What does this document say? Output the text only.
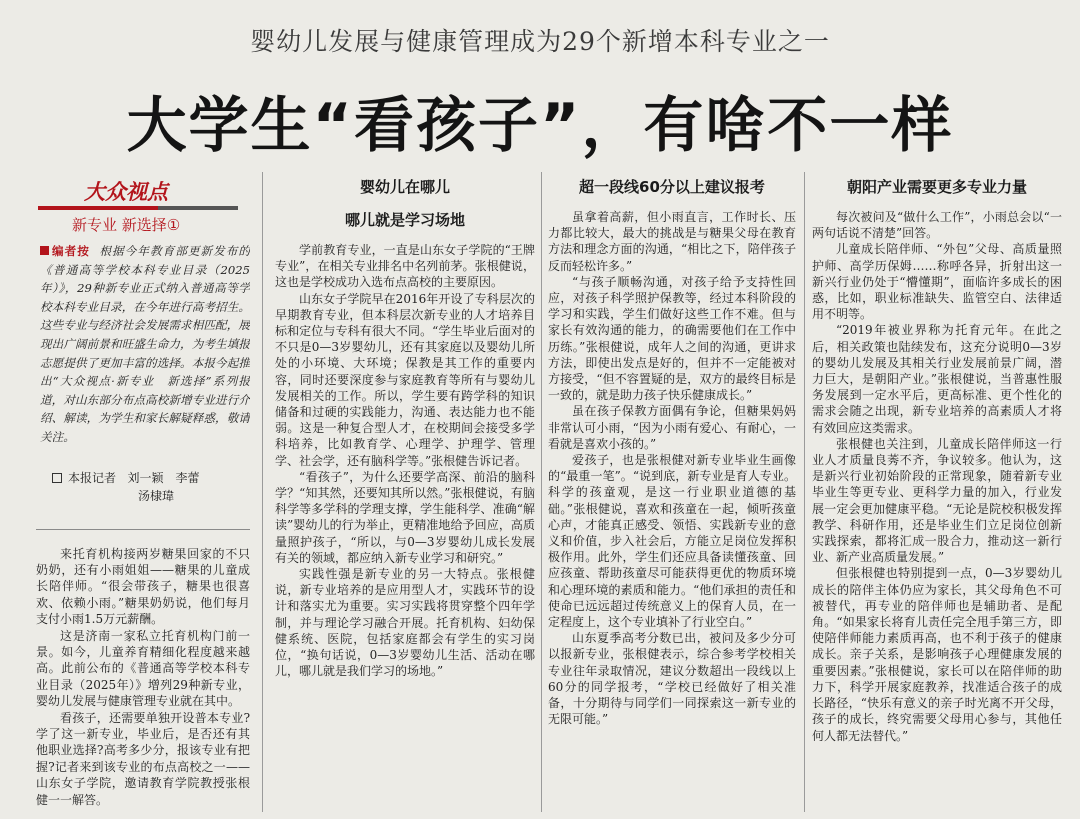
婴幼儿发展与健康管理成为29个新增本科专业之一
大学生“看孩子”，有啥不一样
大众视点
新专业 新选择①
编者按 根据今年教育部更新发布的《普通高等学校本科专业目录（2025年）》，29种新专业正式纳入普通高等学校本科专业目录，在今年进行高考招生。这些专业与经济社会发展需求相匹配，展现出广阔前景和旺盛生命力，为考生填报志愿提供了更加丰富的选择。本报今起推出“大众视点·新专业　新选择”系列报道，对山东部分布点高校新增专业进行介绍、解读，为学生和家长解疑释惑，敬请关注。
本报记者 刘一颖　李蕾
汤棣瑋

来托育机构接两岁糖果回家的不只奶奶，还有小雨姐姐——糖果的儿童成长陪伴师。“很会带孩子，糖果也很喜欢、依赖小雨。”糖果奶奶说，他们每月支付小雨1.5万元薪酬。

这是济南一家私立托育机构门前一景。如今，儿童养育精细化程度越来越高。此前公布的《普通高等学校本科专业目录（2025年）》增列29种新专业，婴幼儿发展与健康管理专业就在其中。

看孩子，还需要单独开设普本专业?学了这一新专业，毕业后，是否还有其他职业选择?高考多少分，报该专业有把握?记者来到该专业的布点高校之一——山东女子学院，邀请教育学院教授张根健一一解答。

婴幼儿在哪儿
哪儿就是学习场地

学前教育专业，一直是山东女子学院的“王牌专业”，在相关专业排名中名列前茅。张根健说，这也是学校成功入选布点高校的主要原因。

山东女子学院早在2016年开设了专科层次的早期教育专业，但本科层次新专业的人才培养目标和定位与专科有很大不同。“学生毕业后面对的不只是0—3岁婴幼儿，还有其家庭以及婴幼儿所处的小环境、大环境；保教是其工作的重要内容，同时还要深度参与家庭教育等所有与婴幼儿发展相关的工作。所以，学生要有跨学科的知识储备和过硬的实践能力，沟通、表达能力也不能弱。这是一种复合型人才，在校期间会接受多学科培养，比如教育学、心理学、护理学、管理学、社会学，还有脑科学等。”张根健告诉记者。

“看孩子”，为什么还要学高深、前沿的脑科学？“知其然，还要知其所以然。”张根健说，有脑科学等多学科的学理支撑，学生能科学、准确“解读”婴幼儿的行为举止，更精准地给予回应，高质量照护孩子，“所以，与0—3岁婴幼儿成长发展有关的领域，都应纳入新专业学习和研究。”

实践性强是新专业的另一大特点。张根健说，新专业培养的是应用型人才，实践环节的设计和落实尤为重要。实习实践将贯穿整个四年学制，并与理论学习融合开展。托育机构、妇幼保健系统、医院，包括家庭都会有学生的实习岗位，“换句话说，0—3岁婴幼儿生活、活动在哪儿，哪儿就是我们学习的场地。”

超一段线60分以上建议报考

虽拿着高薪，但小雨直言，工作时长、压力都比较大，最大的挑战是与糖果父母在教育方法和理念方面的沟通，“相比之下，陪伴孩子反而轻松许多。”

“与孩子顺畅沟通，对孩子给予支持性回应，对孩子科学照护保教等，经过本科阶段的学习和实践，学生们做好这些工作不难。但与家长有效沟通的能力，的确需要他们在工作中历练。”张根健说，成年人之间的沟通，更讲求方法，即使出发点是好的，但并不一定能被对方接受，“但不容置疑的是，双方的最终目标是一致的，就是助力孩子快乐健康成长。”

虽在孩子保教方面偶有争论，但糖果妈妈非常认可小雨，“因为小雨有爱心、有耐心，一看就是喜欢小孩的。”

爱孩子，也是张根健对新专业毕业生画像的“最重一笔”。“说到底，新专业是育人专业。科学的孩童观，是这一行业职业道德的基础。”张根健说，喜欢和孩童在一起，倾听孩童心声，才能真正感受、领悟、实践新专业的意义和价值，步入社会后，方能立足岗位发挥积极作用。此外，学生们还应具备读懂孩童、回应孩童、帮助孩童尽可能获得更优的物质环境和心理环境的素质和能力。“他们承担的责任和使命已远远超过传统意义上的保育人员，在一定程度上，这个专业填补了行业空白。”

山东夏季高考分数已出，被问及多少分可以报新专业，张根健表示，综合参考学校相关专业往年录取情况，建议分数超出一段线以上60分的同学报考，“学校已经做好了相关准备，十分期待与同学们一同探索这一新专业的无限可能。”

朝阳产业需要更多专业力量

每次被问及“做什么工作”，小雨总会以“一两句话说不清楚”回答。

儿童成长陪伴师、“外包”父母、高质量照护师、高学历保姆……称呼各异，折射出这一新兴行业仍处于“懵懂期”，面临许多成长的困惑，比如，职业标准缺失、监管空白、法律适用不明等。

“2019年被业界称为托育元年。在此之后，相关政策也陆续发布，这充分说明0—3岁的婴幼儿发展及其相关行业发展前景广阔，潜力巨大，是朝阳产业。”张根健说，当普惠性服务发展到一定水平后，更高标准、更个性化的需求会随之出现，新专业培养的高素质人才将有效回应这类需求。

张根健也关注到，儿童成长陪伴师这一行业人才质量良莠不齐，争议较多。他认为，这是新兴行业初始阶段的正常现象，随着新专业毕业生等更专业、更科学力量的加入，行业发展一定会更加健康平稳。“无论是院校积极发挥教学、科研作用，还是毕业生们立足岗位创新实践探索，都将汇成一股合力，推动这一新行业、新产业高质量发展。”

但张根健也特别提到一点，0—3岁婴幼儿成长的陪伴主体仍应为家长，其父母角色不可被替代，再专业的陪伴师也是辅助者、是配角。“如果家长将育儿责任完全甩手第三方，即使陪伴师能力素质再高，也不利于孩子的健康成长。亲子关系，是影响孩子心理健康发展的重要因素。”张根健说，家长可以在陪伴师的助力下，科学开展家庭教养，找准适合孩子的成长路径，“快乐有意义的亲子时光离不开父母，孩子的成长，终究需要父母用心参与，其他任何人都无法替代。”
